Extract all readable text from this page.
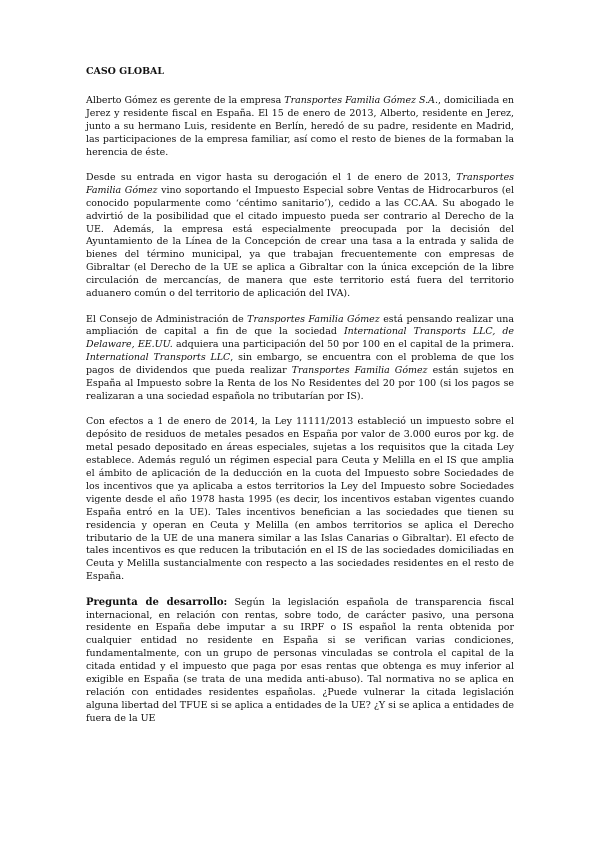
CASO GLOBAL

Alberto Gómez es gerente de la empresa Transportes Familia Gómez S.A., domiciliada en Jerez y residente fiscal en España. El 15 de enero de 2013, Alberto, residente en Jerez, junto a su hermano Luis, residente en Berlín, heredó de su padre, residente en Madrid, las participaciones de la empresa familiar, así como el resto de bienes de la formaban la herencia de éste.

Desde su entrada en vigor hasta su derogación el 1 de enero de 2013, Transportes Familia Gómez vino soportando el Impuesto Especial sobre Ventas de Hidrocarburos (el conocido popularmente como ‘céntimo sanitario’), cedido a las CC.AA. Su abogado le advirtió de la posibilidad que el citado impuesto pueda ser contrario al Derecho de la UE. Además, la empresa está especialmente preocupada por la decisión del Ayuntamiento de la Línea de la Concepción de crear una tasa a la entrada y salida de bienes del término municipal, ya que trabajan frecuentemente con empresas de Gibraltar (el Derecho de la UE se aplica a Gibraltar con la única excepción de la libre circulación de mercancías, de manera que este territorio está fuera del territorio aduanero común o del territorio de aplicación del IVA).

El Consejo de Administración de Transportes Familia Gómez está pensando realizar una ampliación de capital a fin de que la sociedad International Transports LLC, de Delaware, EE.UU. adquiera una participación del 50 por 100 en el capital de la primera. International Transports LLC, sin embargo, se encuentra con el problema de que los pagos de dividendos que pueda realizar Transportes Familia Gómez están sujetos en España al Impuesto sobre la Renta de los No Residentes del 20 por 100 (si los pagos se realizaran a una sociedad española no tributarían por IS).

Con efectos a 1 de enero de 2014, la Ley 11111/2013 estableció un impuesto sobre el depósito de residuos de metales pesados en España por valor de 3.000 euros por kg. de metal pesado depositado en áreas especiales, sujetas a los requisitos que la citada Ley establece. Además reguló un régimen especial para Ceuta y Melilla en el IS que amplia el ámbito de aplicación de la deducción en la cuota del Impuesto sobre Sociedades de los incentivos que ya aplicaba a estos territorios la Ley del Impuesto sobre Sociedades vigente desde el año 1978 hasta 1995 (es decir, los incentivos estaban vigentes cuando España entró en la UE). Tales incentivos benefician a las sociedades que tienen su residencia y operan en Ceuta y Melilla (en ambos territorios se aplica el Derecho tributario de la UE de una manera similar a las Islas Canarias o Gibraltar). El efecto de tales incentivos es que reducen la tributación en el IS de las sociedades domiciliadas en Ceuta y Melilla sustancialmente con respecto a las sociedades residentes en el resto de España.

Pregunta de desarrollo: Según la legislación española de transparencia fiscal internacional, en relación con rentas, sobre todo, de carácter pasivo, una persona residente en España debe imputar a su IRPF o IS español la renta obtenida por cualquier entidad no residente en España si se verifican varias condiciones, fundamentalmente, con un grupo de personas vinculadas se controla el capital de la citada entidad y el impuesto que paga por esas rentas que obtenga es muy inferior al exigible en España (se trata de una medida anti-abuso). Tal normativa no se aplica en relación con entidades residentes españolas. ¿Puede vulnerar la citada legislación alguna libertad del TFUE si se aplica a entidades de la UE? ¿Y si se aplica a entidades de fuera de la UE
